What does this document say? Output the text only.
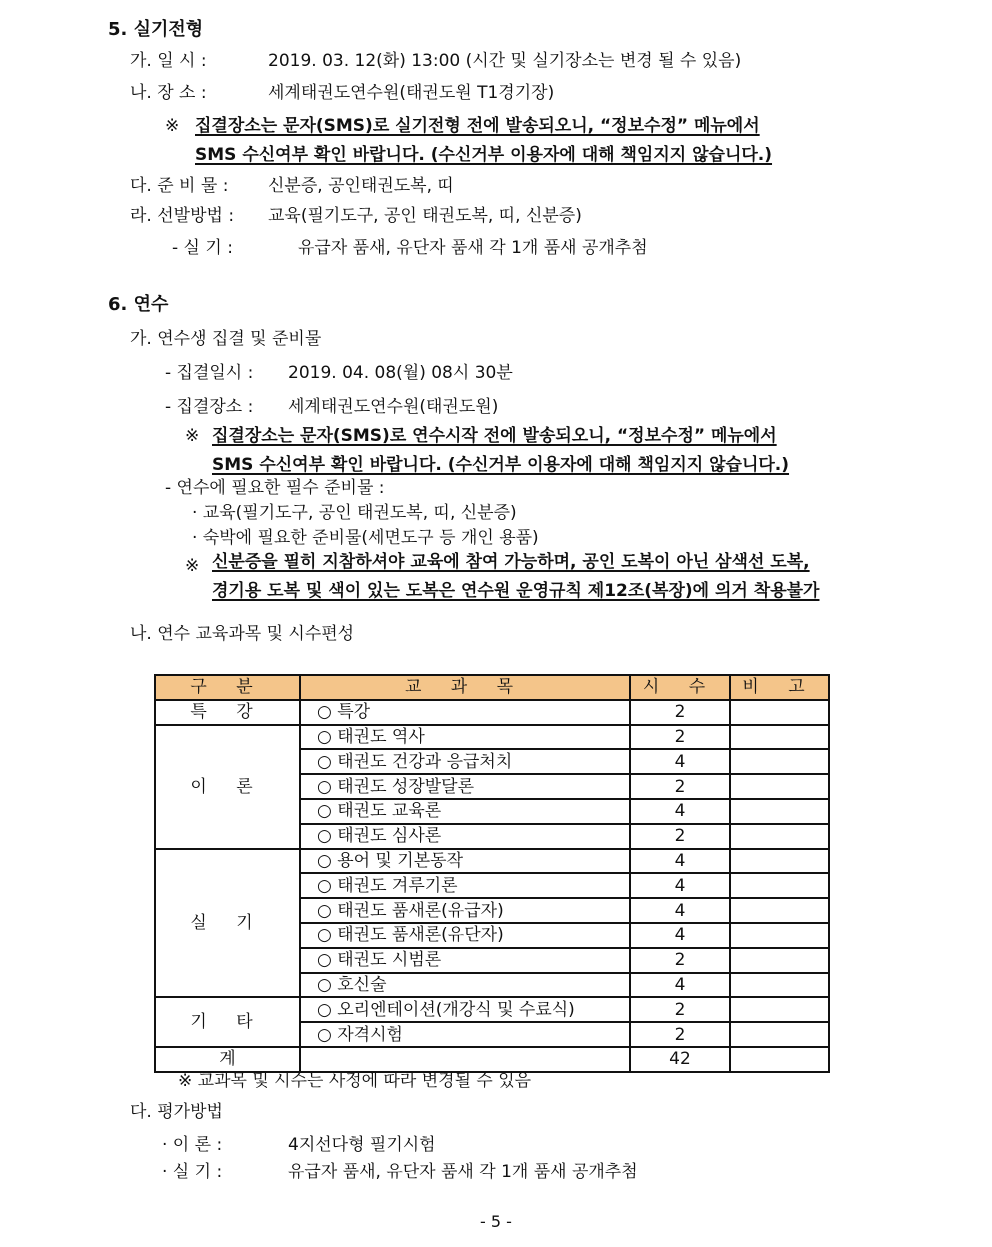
5. 실기전형
가. 일 시 :	2019. 03. 12(화) 13:00 (시간 및 실기장소는 변경 될 수 있음)
나. 장 소 :	세계태권도연수원(태권도원 T1경기장)
※ 집결장소는 문자(SMS)로 실기전형 전에 발송되오니, “정보수정” 메뉴에서
SMS 수신여부 확인 바랍니다. (수신거부 이용자에 대해 책임지지 않습니다.)
다. 준 비 물 : 신분증, 공인태권도복, 띠
라. 선발방법 : 교육(필기도구, 공인 태권도복, 띠, 신분증)
- 실 기 :	유급자 품새, 유단자 품새 각 1개 품새 공개추첨
6. 연수
가. 연수생 집결 및 준비물
- 집결일시 : 2019. 04. 08(월) 08시 30분
- 집결장소 : 세계태권도연수원(태권도원)
※ 집결장소는 문자(SMS)로 연수시작 전에 발송되오니, “정보수정” 메뉴에서
SMS 수신여부 확인 바랍니다. (수신거부 이용자에 대해 책임지지 않습니다.)
- 연수에 필요한 필수 준비물 :
· 교육(필기도구, 공인 태권도복, 띠, 신분증)
· 숙박에 필요한 준비물(세면도구 등 개인 용품)
※ 신분증을 필히 지참하셔야 교육에 참여 가능하며, 공인 도복이 아닌 삼색선 도복,
경기용 도복 및 색이 있는 도복은 연수원 운영규칙 제12조(복장)에 의거 착용불가
나. 연수 교육과목 및 시수편성
구 분	교 과 목	시 수	비 고
특 강	○ 특강	2	
이 론	○ 태권도 역사	2	
	○ 태권도 건강과 응급처치	4	
	○ 태권도 성장발달론	2	
	○ 태권도 교육론	4	
	○ 태권도 심사론	2	
실 기	○ 용어 및 기본동작	4	
	○ 태권도 겨루기론	4	
	○ 태권도 품새론(유급자)	4	
	○ 태권도 품새론(유단자)	4	
	○ 태권도 시범론	2	
	○ 호신술	4	
기 타	○ 오리엔테이션(개강식 및 수료식)	2	
	○ 자격시험	2	
계		42	
※ 교과목 및 시수는 사정에 따라 변경될 수 있음
다. 평가방법
· 이 론 :	4지선다형 필기시험
· 실 기 :	유급자 품새, 유단자 품새 각 1개 품새 공개추첨
- 5 -
